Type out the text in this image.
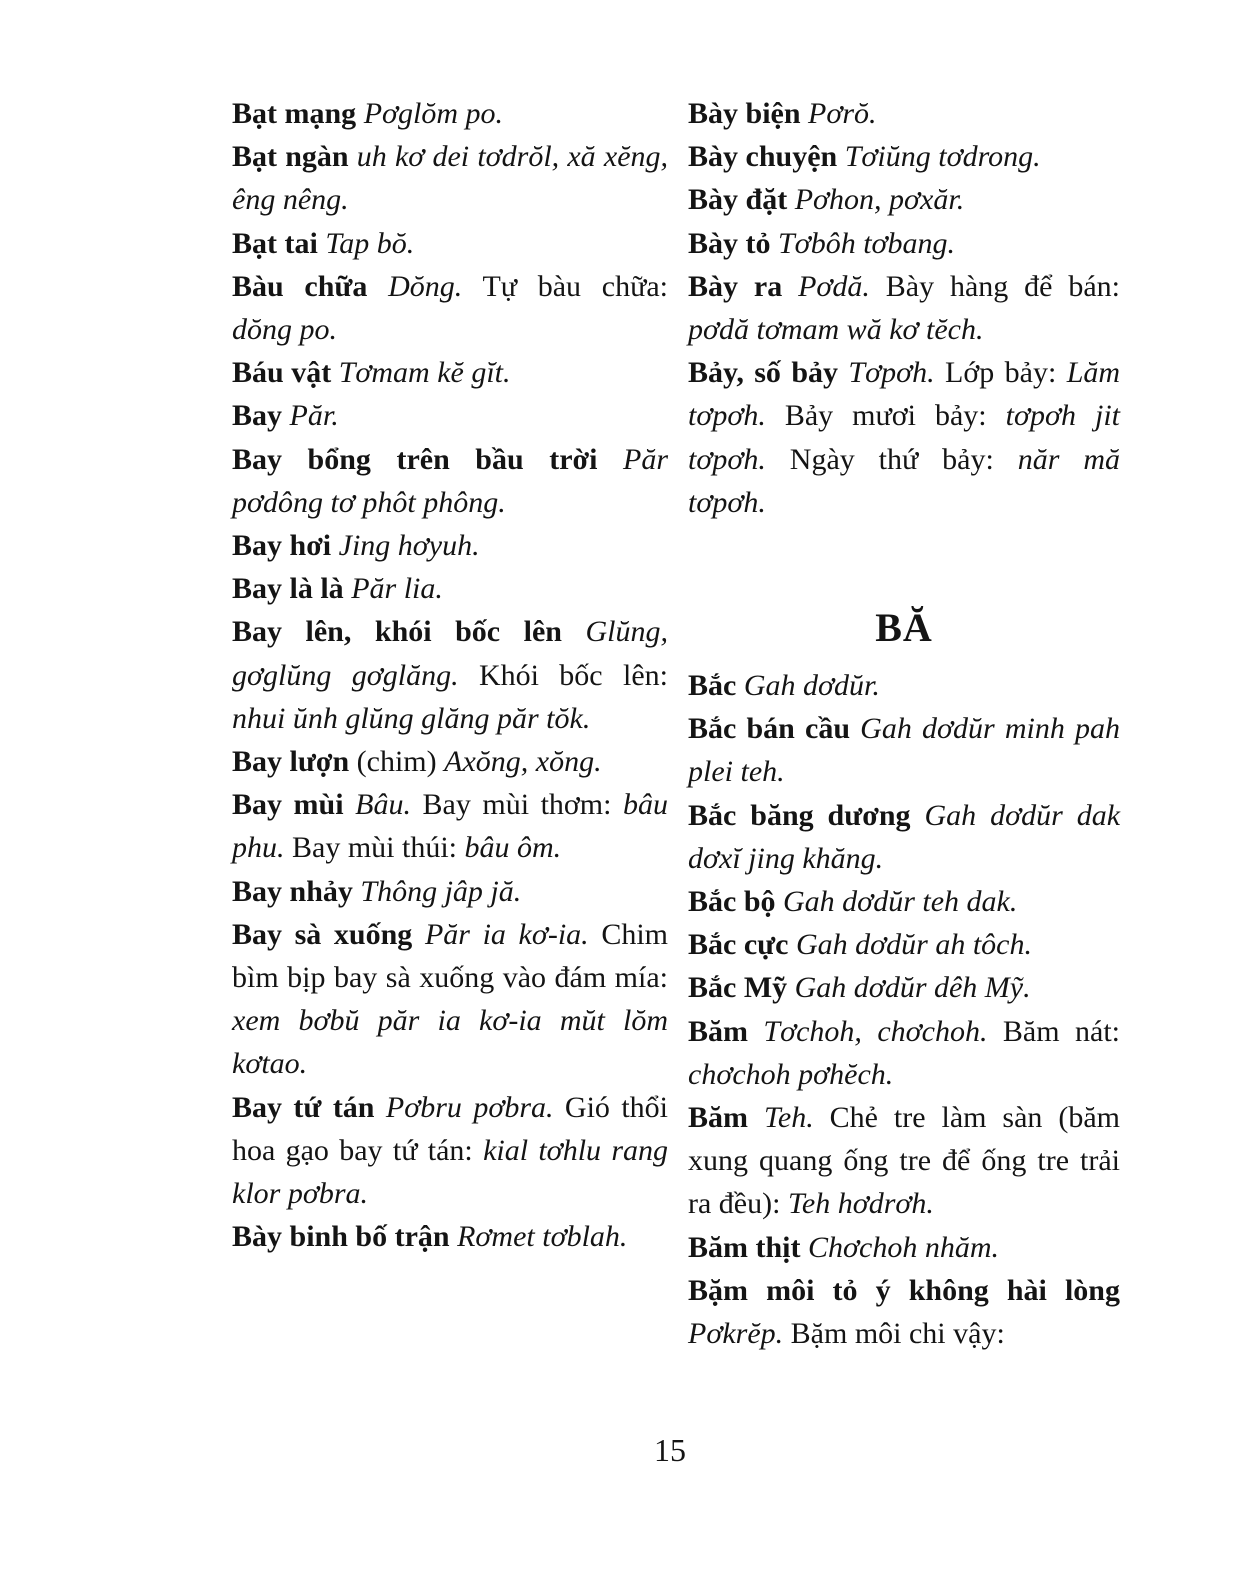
Bạt mạng Pơglŏm po.

Bạt ngàn uh kơ dei tơdrŏl, xă xĕng, êng nêng.

Bạt tai Tap bŏ.

Bàu chữa Dŏng. Tự bàu chữa: dŏng po.

Báu vật Tơmam kĕ gĭt.

Bay Păr.

Bay bổng trên bầu trời Păr pơdông tơ phôt phông.

Bay hơi Jing hơyuh.

Bay là là Păr lia.

Bay lên, khói bốc lên Glŭng, gơglŭng gơglăng. Khói bốc lên: nhui ŭnh glŭng glăng păr tŏk.

Bay lượn (chim) Axŏng, xŏng.

Bay mùi Bâu. Bay mùi thơm: bâu phu. Bay mùi thúi: bâu ôm.

Bay nhảy Thông jâp jă.

Bay sà xuống Păr ia kơ-ia. Chim bìm bịp bay sà xuống vào đám mía: xem bơbŭ păr ia kơ-ia mŭt lŏm kơtao.

Bay tứ tán Pơbru pơbra. Gió thổi hoa gạo bay tứ tán: kial tơhlu rang klor pơbra.

Bày binh bố trận Rơmet tơblah.

Bày biện Pơrŏ.

Bày chuyện Tơiŭng tơdrong.

Bày đặt Pơhon, pơxăr.

Bày tỏ Tơbôh tơbang.

Bày ra Pơdă. Bày hàng để bán: pơdă tơmam wă kơ tĕch.

Bảy, số bảy Tơpơh. Lớp bảy: Lăm tơpơh. Bảy mươi bảy: tơpơh jit tơpơh. Ngày thứ bảy: năr mă tơpơh.

BĂ

Bắc Gah dơdŭr.

Bắc bán cầu Gah dơdŭr minh pah plei teh.

Bắc băng dương Gah dơdŭr dak dơxĭ jing khăng.

Bắc bộ Gah dơdŭr teh dak.

Bắc cực Gah dơdŭr ah tôch.

Bắc Mỹ Gah dơdŭr dêh Mỹ.

Băm Tơchoh, chơchoh. Băm nát: chơchoh pơhĕch.

Băm Teh. Chẻ tre làm sàn (băm xung quang ống tre để ống tre trải ra đều): Teh hơdrơh.

Băm thịt Chơchoh nhăm.

Bặm môi tỏ ý không hài lòng Pơkrĕp. Bặm môi chi vậy:

15
